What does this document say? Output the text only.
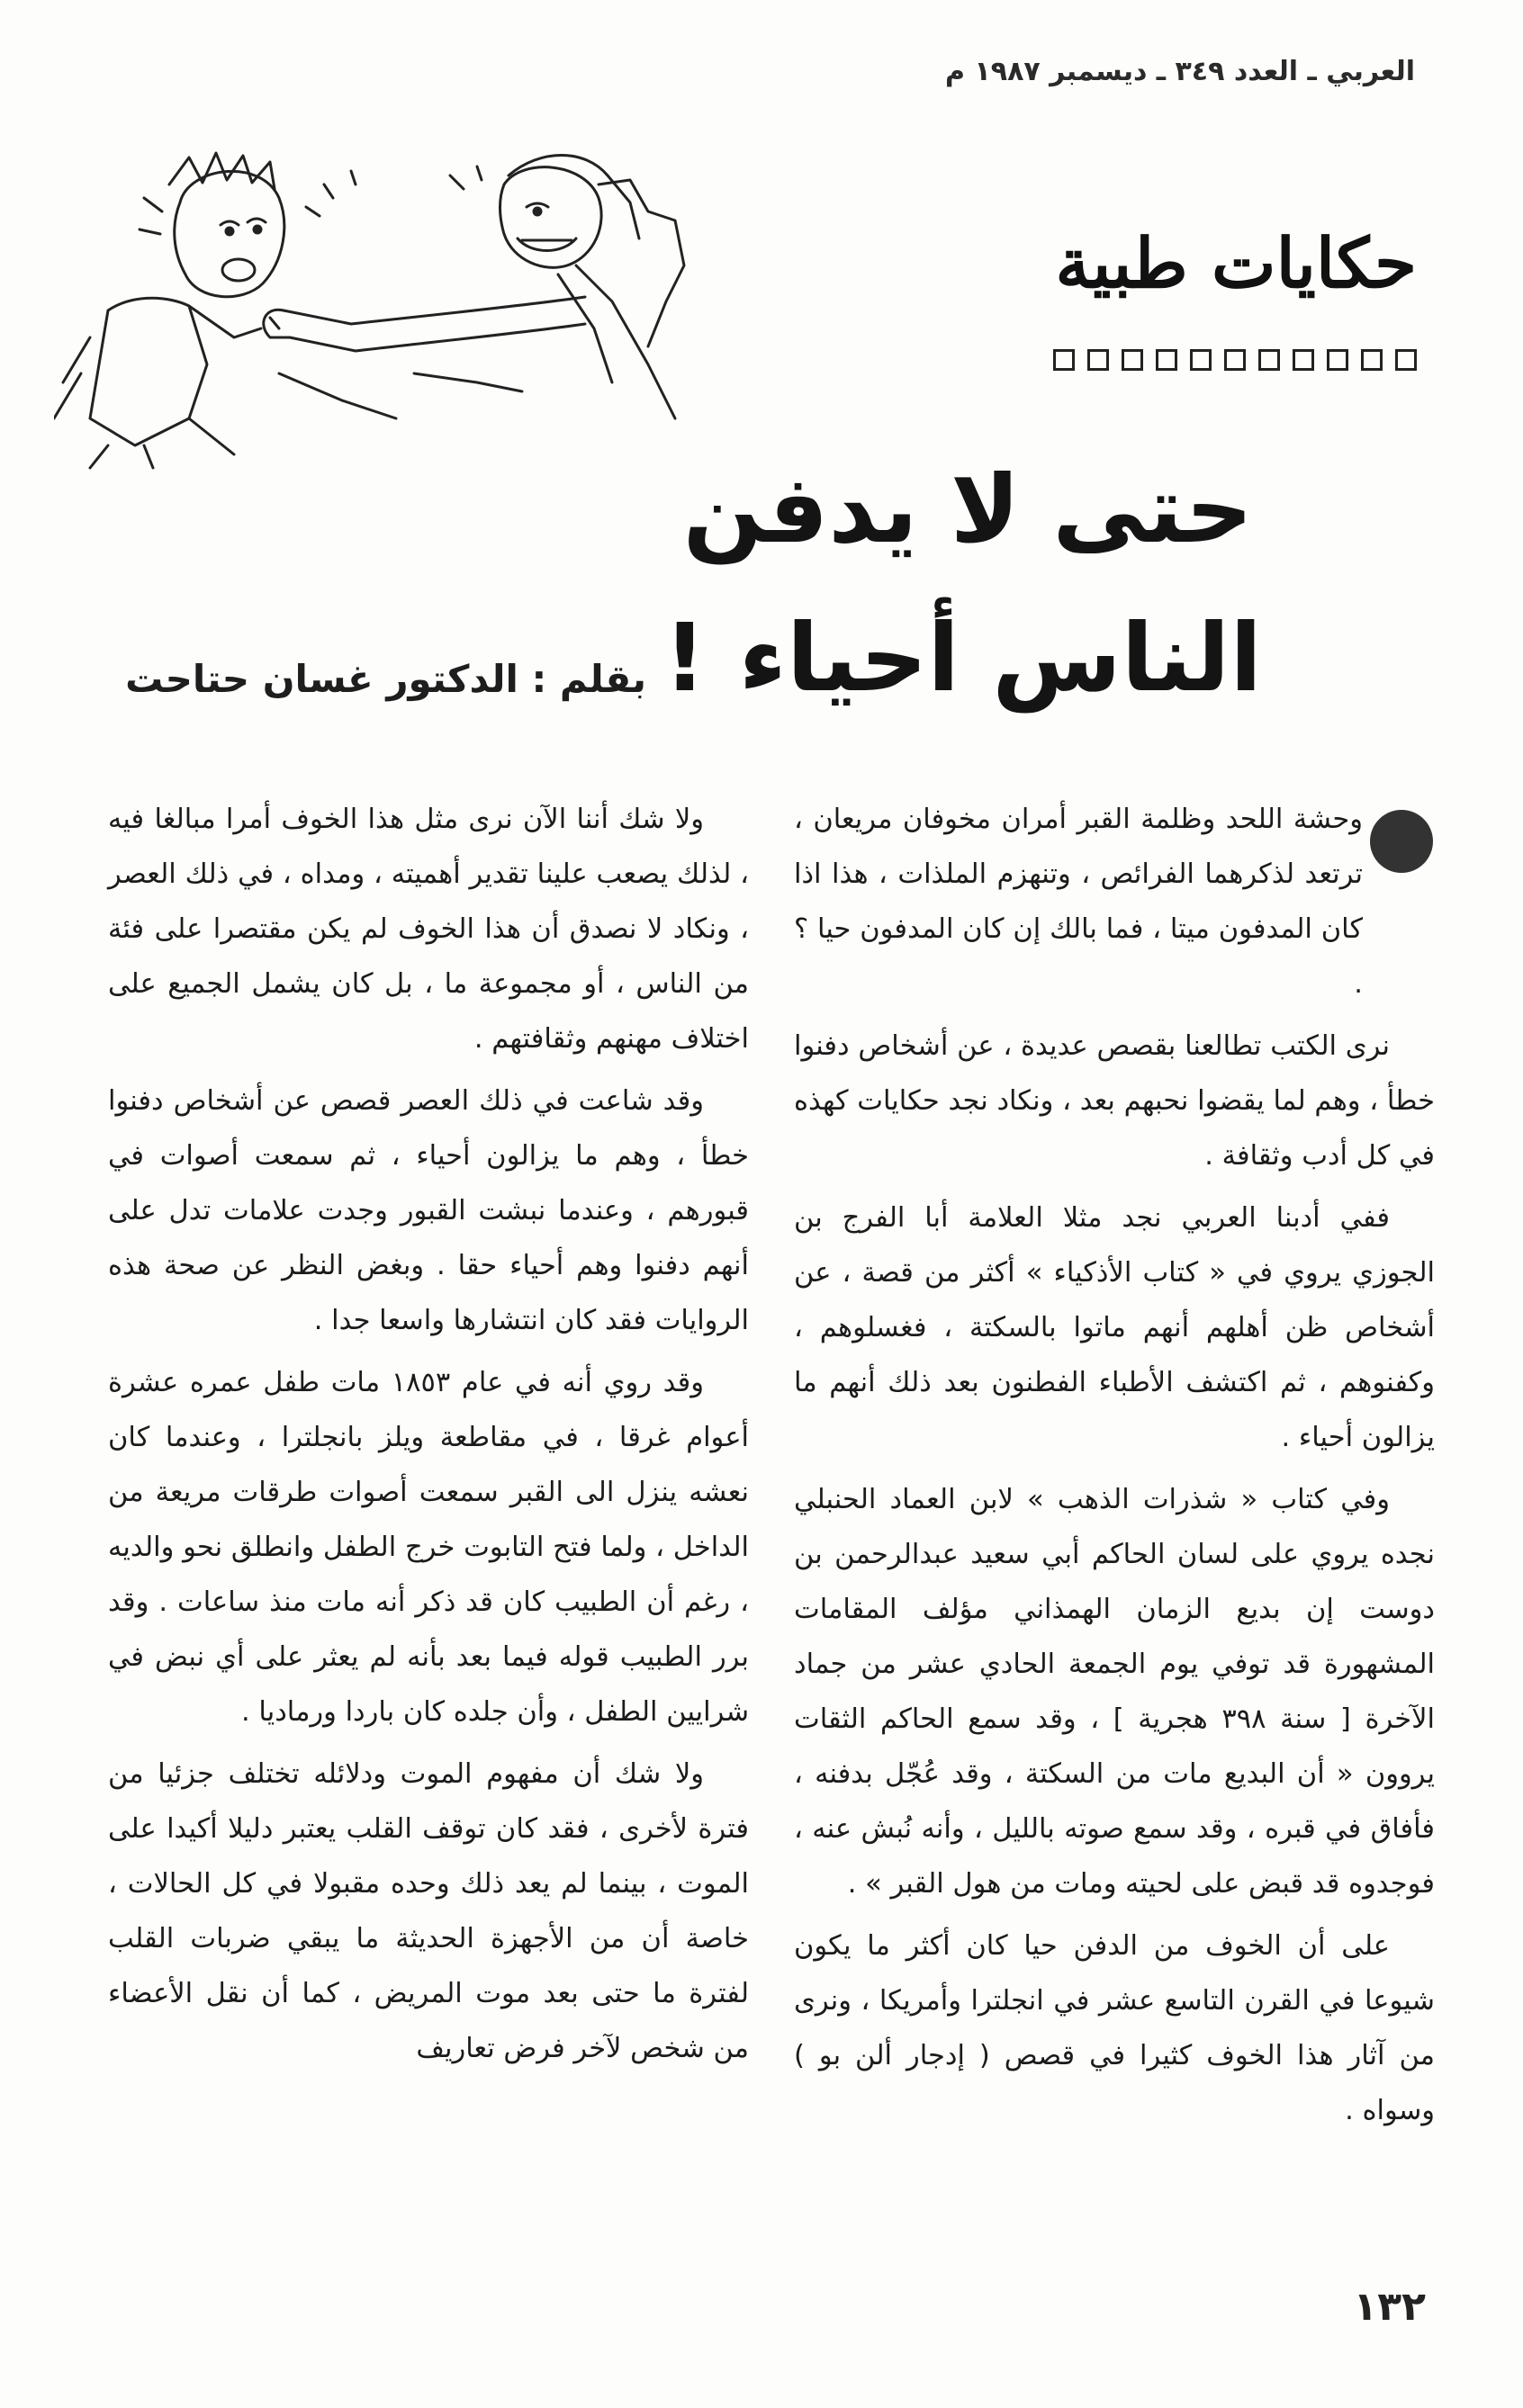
العربي ـ العدد ٣٤٩ ـ ديسمبر ١٩٨٧ م
حكايات طبية
حتى لا يدفن
الناس أحياء !
بقلم : الدكتور غسان حتاحت

وحشة اللحد وظلمة القبر أمران مخوفان مريعان ، ترتعد لذكرهما الفرائص ، وتنهزم الملذات ، هذا اذا كان المدفون ميتا ، فما بالك إن كان المدفون حيا ؟ .

نرى الكتب تطالعنا بقصص عديدة ، عن أشخاص دفنوا خطأ ، وهم لما يقضوا نحبهم بعد ، ونكاد نجد حكايات كهذه في كل أدب وثقافة .

ففي أدبنا العربي نجد مثلا العلامة أبا الفرج بن الجوزي يروي في « كتاب الأذكياء » أكثر من قصة ، عن أشخاص ظن أهلهم أنهم ماتوا بالسكتة ، فغسلوهم ، وكفنوهم ، ثم اكتشف الأطباء الفطنون بعد ذلك أنهم ما يزالون أحياء .

وفي كتاب « شذرات الذهب » لابن العماد الحنبلي نجده يروي على لسان الحاكم أبي سعيد عبدالرحمن بن دوست إن بديع الزمان الهمذاني مؤلف المقامات المشهورة قد توفي يوم الجمعة الحادي عشر من جماد الآخرة [ سنة ٣٩٨ هجرية ] ، وقد سمع الحاكم الثقات يروون « أن البديع مات من السكتة ، وقد عُجّل بدفنه ، فأفاق في قبره ، وقد سمع صوته بالليل ، وأنه نُبش عنه ، فوجدوه قد قبض على لحيته ومات من هول القبر » .

على أن الخوف من الدفن حيا كان أكثر ما يكون شيوعا في القرن التاسع عشر في انجلترا وأمريكا ، ونرى من آثار هذا الخوف كثيرا في قصص ( إدجار ألن بو ) وسواه .

ولا شك أننا الآن نرى مثل هذا الخوف أمرا مبالغا فيه ، لذلك يصعب علينا تقدير أهميته ، ومداه ، في ذلك العصر ، ونكاد لا نصدق أن هذا الخوف لم يكن مقتصرا على فئة من الناس ، أو مجموعة ما ، بل كان يشمل الجميع على اختلاف مهنهم وثقافتهم .

وقد شاعت في ذلك العصر قصص عن أشخاص دفنوا خطأ ، وهم ما يزالون أحياء ، ثم سمعت أصوات في قبورهم ، وعندما نبشت القبور وجدت علامات تدل على أنهم دفنوا وهم أحياء حقا . وبغض النظر عن صحة هذه الروايات فقد كان انتشارها واسعا جدا .

وقد روي أنه في عام ١٨٥٣ مات طفل عمره عشرة أعوام غرقا ، في مقاطعة ويلز بانجلترا ، وعندما كان نعشه ينزل الى القبر سمعت أصوات طرقات مريعة من الداخل ، ولما فتح التابوت خرج الطفل وانطلق نحو والديه ، رغم أن الطبيب كان قد ذكر أنه مات منذ ساعات . وقد برر الطبيب قوله فيما بعد بأنه لم يعثر على أي نبض في شرايين الطفل ، وأن جلده كان باردا ورماديا .

ولا شك أن مفهوم الموت ودلائله تختلف جزئيا من فترة لأخرى ، فقد كان توقف القلب يعتبر دليلا أكيدا على الموت ، بينما لم يعد ذلك وحده مقبولا في كل الحالات ، خاصة أن من الأجهزة الحديثة ما يبقي ضربات القلب لفترة ما حتى بعد موت المريض ، كما أن نقل الأعضاء من شخص لآخر فرض تعاريف

١٣٢
